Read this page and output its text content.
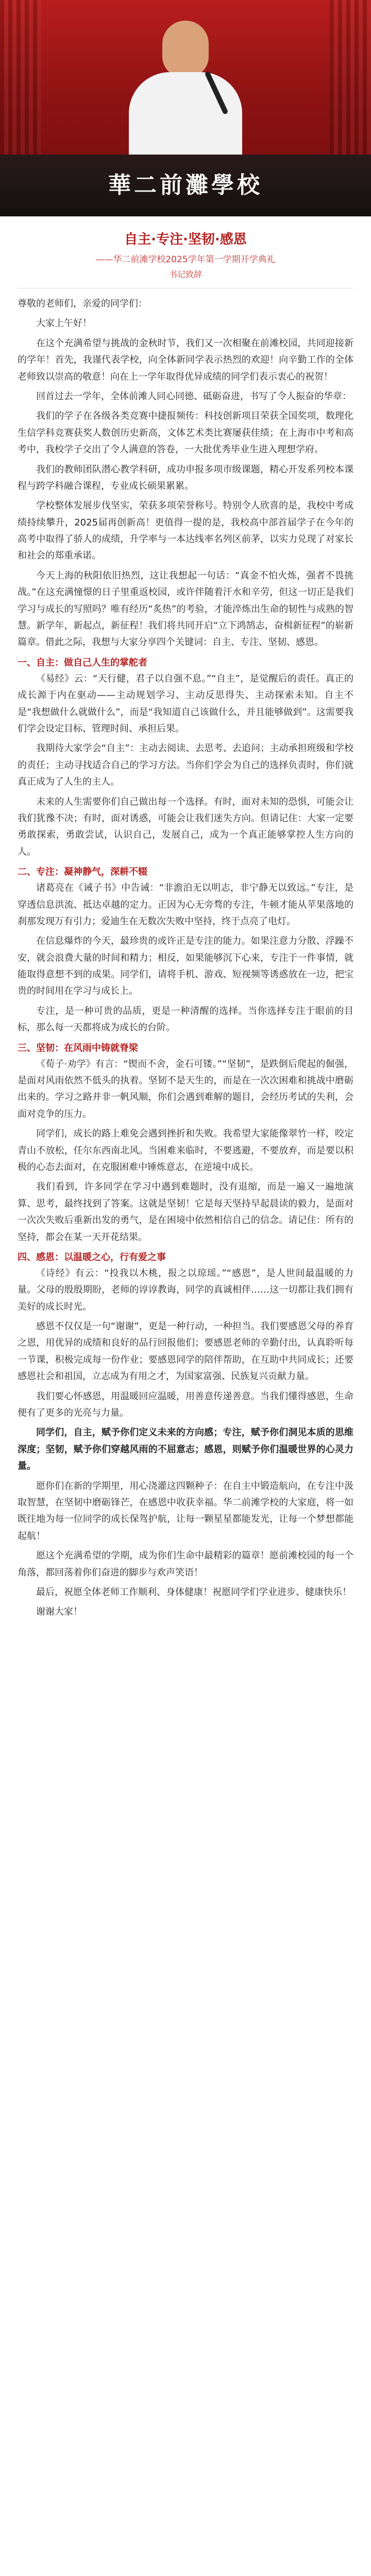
華二前灘學校
自主·专注·坚韧·感恩
——华二前滩学校2025学年第一学期开学典礼
书记致辞

尊敬的老师们，亲爱的同学们：

大家上午好！

在这个充满希望与挑战的金秋时节，我们又一次相聚在前滩校园，共同迎接新的学年！首先，我谨代表学校，向全体新同学表示热烈的欢迎！向辛勤工作的全体老师致以崇高的敬意！向在上一学年取得优异成绩的同学们表示衷心的祝贺！

回首过去一学年，全体前滩人同心同德、砥砺奋进，书写了令人振奋的华章：

我们的学子在各级各类竞赛中捷报频传：科技创新项目荣获全国奖项，数理化生信学科竞赛获奖人数创历史新高，文体艺术类比赛屡获佳绩；在上海市中考和高考中，我校学子交出了令人满意的答卷，一大批优秀毕业生进入理想学府。

我们的教师团队潜心教学科研，成功申报多项市级课题，精心开发系列校本课程与跨学科融合课程，专业成长硕果累累。

学校整体发展步伐坚实，荣获多项荣誉称号。特别令人欣喜的是，我校中考成绩持续攀升，2025届再创新高！更值得一提的是，我校高中部首届学子在今年的高考中取得了骄人的成绩，升学率与一本达线率名列区前茅，以实力兑现了对家长和社会的郑重承诺。

今天上海的秋阳依旧热烈，这让我想起一句话：“真金不怕火炼，强者不畏挑战。”在这充满憧憬的日子里重返校园，或许伴随着汗水和辛劳，但这一切正是我们学习与成长的写照吗？唯有经历“炙热”的考验，才能淬炼出生命的韧性与成熟的智慧。新学年，新起点，新征程！我们将共同开启“立下鸿鹄志，奋楫新征程”的崭新篇章。借此之际，我想与大家分享四个关键词：自主、专注、坚韧、感恩。

一、自主：做自己人生的掌舵者

《易经》云：“天行健，君子以自强不息。”“自主”，是觉醒后的责任。真正的成长源于内在驱动——主动规划学习、主动反思得失、主动探索未知。自主不是“我想做什么就做什么”，而是“我知道自己该做什么，并且能够做到”。这需要我们学会设定目标、管理时间、承担后果。

我期待大家学会“自主”：主动去阅读、去思考、去追问；主动承担班级和学校的责任；主动寻找适合自己的学习方法。当你们学会为自己的选择负责时，你们就真正成为了人生的主人。

未来的人生需要你们自己做出每一个选择。有时，面对未知的恐惧，可能会让我们犹豫不决；有时，面对诱惑，可能会让我们迷失方向。但请记住：大家一定要勇敢探索，勇敢尝试，认识自己，发展自己，成为一个真正能够掌控人生方向的人。

二、专注：凝神静气，深耕不辍

诸葛亮在《诫子书》中告诫：“非澹泊无以明志，非宁静无以致远。”专注，是穿透信息洪流、抵达卓越的定力。正因为心无旁骛的专注，牛顿才能从苹果落地的刹那发现万有引力；爱迪生在无数次失败中坚持，终于点亮了电灯。

在信息爆炸的今天，最珍贵的或许正是专注的能力。如果注意力分散、浮躁不安，就会浪费大量的时间和精力；相反，如果能够沉下心来，专注于一件事情，就能取得意想不到的成果。同学们，请将手机、游戏、短视频等诱惑放在一边，把宝贵的时间用在学习与成长上。

专注，是一种可贵的品质，更是一种清醒的选择。当你选择专注于眼前的目标，那么每一天都将成为成长的台阶。

三、坚韧：在风雨中铸就脊梁

《荀子·劝学》有言：“锲而不舍，金石可镂。”“坚韧”，是跌倒后爬起的倔强，是面对风雨依然不低头的执着。坚韧不是天生的，而是在一次次困难和挑战中磨砺出来的。学习之路并非一帆风顺，你们会遇到难解的题目，会经历考试的失利，会面对竞争的压力。

同学们，成长的路上难免会遇到挫折和失败。我希望大家能像翠竹一样，咬定青山不放松，任尔东西南北风。当困难来临时，不要逃避，不要放弃，而是要以积极的心态去面对，在克服困难中锤炼意志，在逆境中成长。

我们看到，许多同学在学习中遇到难题时，没有退缩，而是一遍又一遍地演算、思考，最终找到了答案。这就是坚韧！它是每天坚持早起晨读的毅力，是面对一次次失败后重新出发的勇气，是在困境中依然相信自己的信念。请记住：所有的坚持，都会在某一天开花结果。

四、感恩：以温暖之心，行有爱之事

《诗经》有云：“投我以木桃，报之以琼瑶。”“感恩”，是人世间最温暖的力量。父母的殷殷期盼，老师的谆谆教诲，同学的真诚相伴……这一切都让我们拥有美好的成长时光。

感恩不仅仅是一句“谢谢”，更是一种行动，一种担当。我们要感恩父母的养育之恩，用优异的成绩和良好的品行回报他们；要感恩老师的辛勤付出，认真聆听每一节课，积极完成每一份作业；要感恩同学的陪伴帮助，在互助中共同成长；还要感恩社会和祖国，立志成为有用之才，为国家富强、民族复兴贡献力量。

我们要心怀感恩，用温暖回应温暖，用善意传递善意。当我们懂得感恩，生命便有了更多的光亮与力量。

同学们，自主，赋予你们定义未来的方向感；专注，赋予你们洞见本质的思维深度；坚韧，赋予你们穿越风雨的不屈意志；感恩，则赋予你们温暖世界的心灵力量。

愿你们在新的学期里，用心浇灌这四颗种子：在自主中锻造航向，在专注中汲取智慧，在坚韧中磨砺锋芒，在感恩中收获幸福。华二前滩学校的大家庭，将一如既往地为每一位同学的成长保驾护航，让每一颗星星都能发光，让每一个梦想都能起航！

愿这个充满希望的学期，成为你们生命中最精彩的篇章！愿前滩校园的每一个角落，都回荡着你们奋进的脚步与欢声笑语！

最后，祝愿全体老师工作顺利、身体健康！祝愿同学们学业进步、健康快乐！

谢谢大家！
